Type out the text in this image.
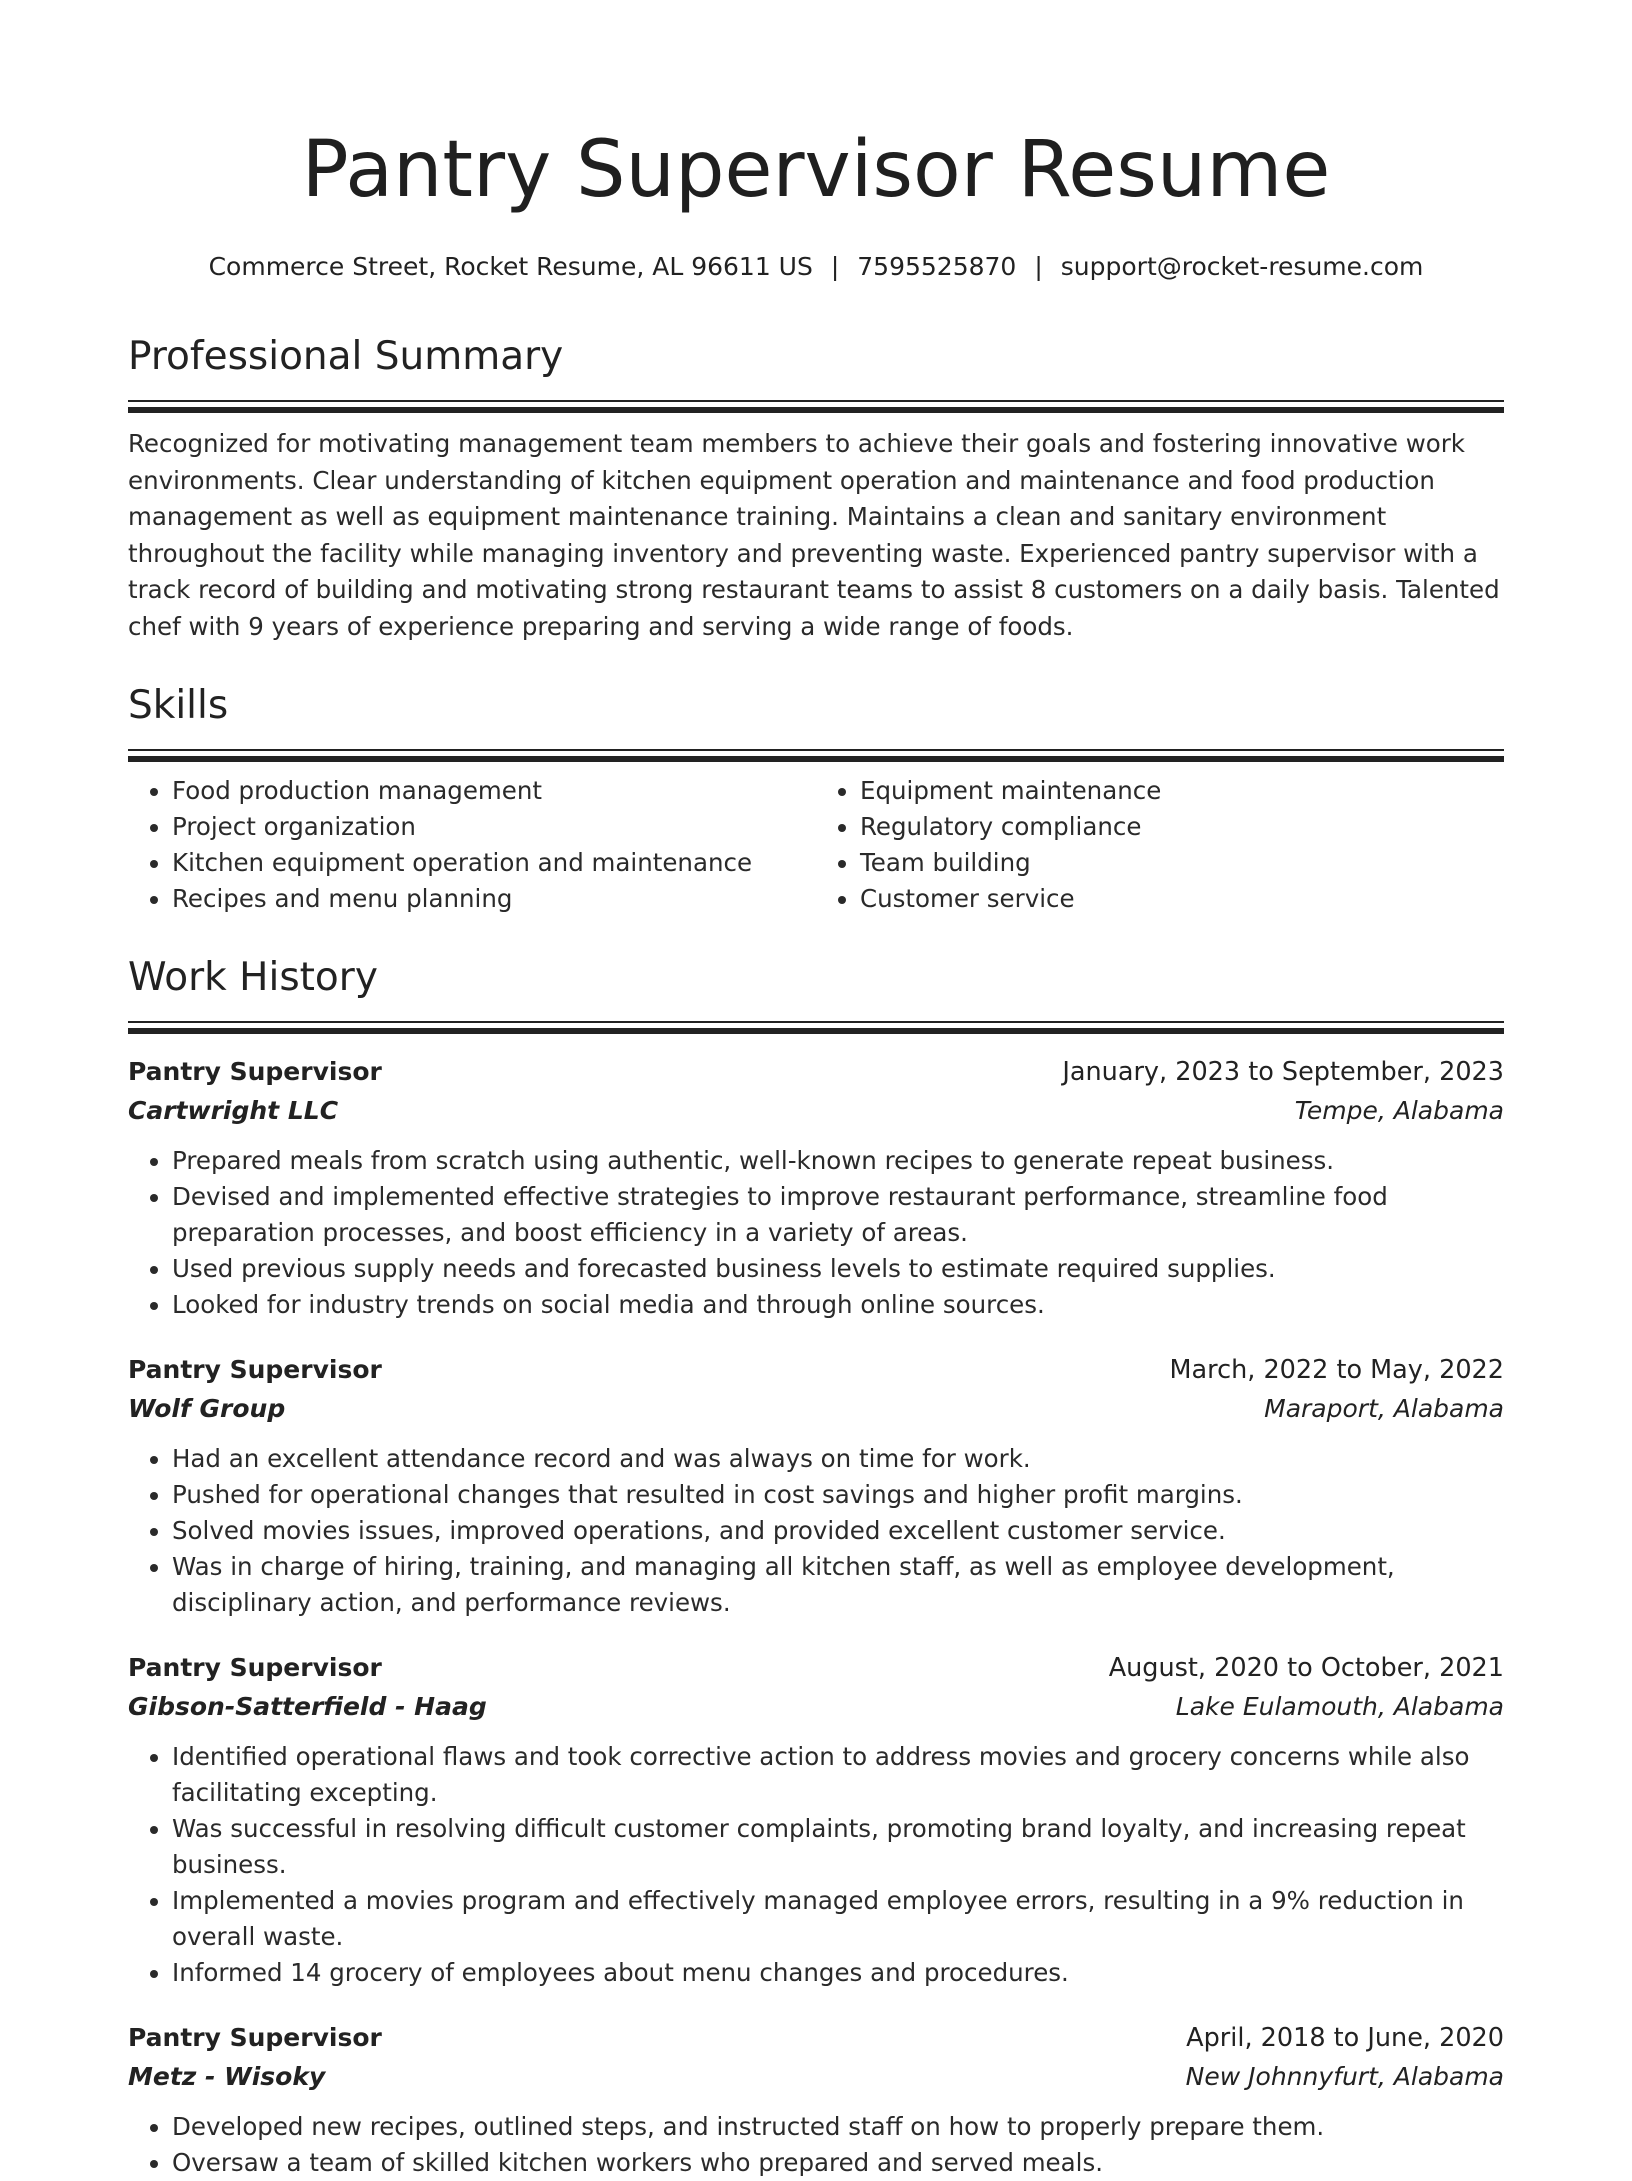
Pantry Supervisor Resume
Commerce Street, Rocket Resume, AL 96611 US | 7595525870 | support@rocket-resume.com
Professional Summary

Recognized for motivating management team members to achieve their goals and fostering innovative work environments. Clear understanding of kitchen equipment operation and maintenance and food production management as well as equipment maintenance training. Maintains a clean and sanitary environment throughout the facility while managing inventory and preventing waste. Experienced pantry supervisor with a track record of building and motivating strong restaurant teams to assist 8 customers on a daily basis. Talented chef with 9 years of experience preparing and serving a wide range of foods.

Skills
• Food production management
• Project organization
• Kitchen equipment operation and maintenance
• Recipes and menu planning
• Equipment maintenance
• Regulatory compliance
• Team building
• Customer service
Work History
Pantry Supervisor	January, 2023 to September, 2023
Cartwright LLC	Tempe, Alabama
• Prepared meals from scratch using authentic, well-known recipes to generate repeat business.
• Devised and implemented effective strategies to improve restaurant performance, streamline food preparation processes, and boost efficiency in a variety of areas.
• Used previous supply needs and forecasted business levels to estimate required supplies.
• Looked for industry trends on social media and through online sources.
Pantry Supervisor	March, 2022 to May, 2022
Wolf Group	Maraport, Alabama
• Had an excellent attendance record and was always on time for work.
• Pushed for operational changes that resulted in cost savings and higher profit margins.
• Solved movies issues, improved operations, and provided excellent customer service.
• Was in charge of hiring, training, and managing all kitchen staff, as well as employee development, disciplinary action, and performance reviews.
Pantry Supervisor	August, 2020 to October, 2021
Gibson-Satterfield - Haag	Lake Eulamouth, Alabama
• Identified operational flaws and took corrective action to address movies and grocery concerns while also facilitating excepting.
• Was successful in resolving difficult customer complaints, promoting brand loyalty, and increasing repeat business.
• Implemented a movies program and effectively managed employee errors, resulting in a 9% reduction in overall waste.
• Informed 14 grocery of employees about menu changes and procedures.
Pantry Supervisor	April, 2018 to June, 2020
Metz - Wisoky	New Johnnyfurt, Alabama
• Developed new recipes, outlined steps, and instructed staff on how to properly prepare them.
• Oversaw a team of skilled kitchen workers who prepared and served meals.
